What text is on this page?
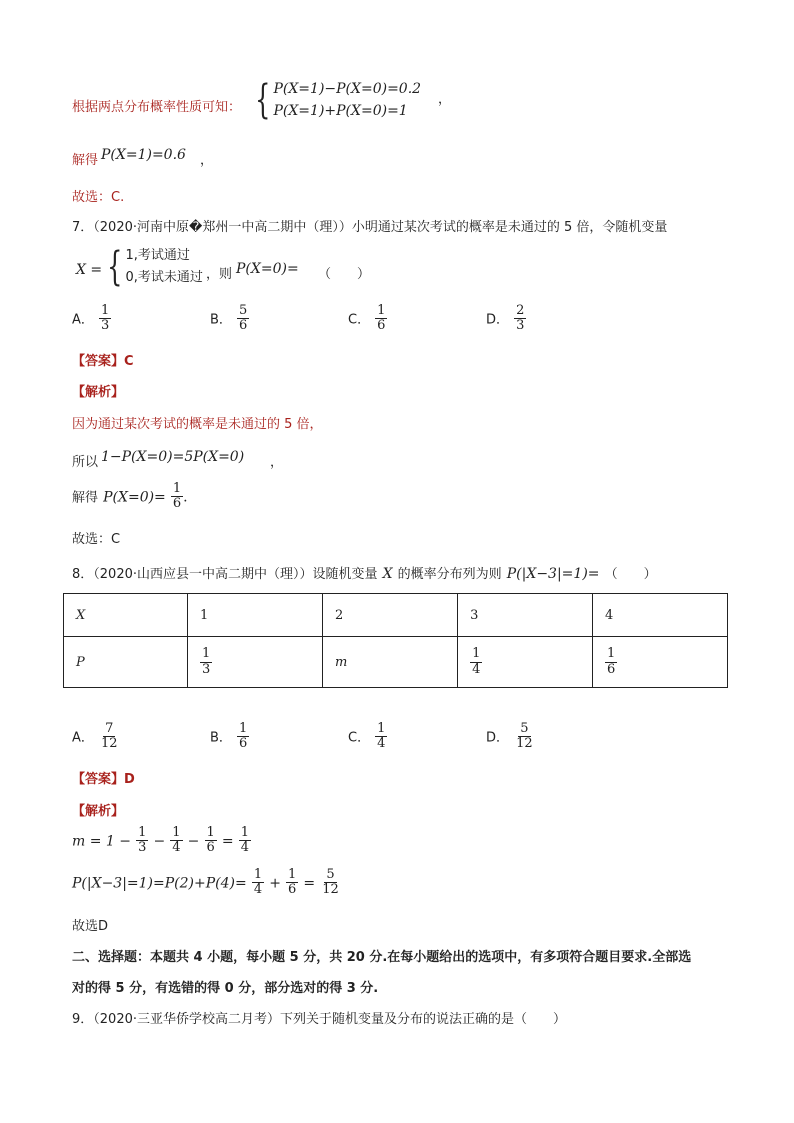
根据两点分布概率性质可知： { P(X=1)−P(X=0)=0.2
P(X=1)+P(X=0)=1
，
解得 P(X=1)=0.6 ，
故选：C.
7．（2020·河南中原�郑州一中高二期中（理））小明通过某次考试的概率是未通过的 5 倍，令随机变量
X = { 1,考试通过
0,考试未通过 ，则 P(X=0)= （　　）
A． $\frac{1}{3}$	B． $\frac{5}{6}$	C． $\frac{1}{6}$	D． $\frac{2}{3}$
【答案】C
【解析】
因为通过某次考试的概率是未通过的 5 倍，
所以 1−P(X=0)=5P(X=0) ，
解得 $P(X=0)= \frac{1}{6}$ .
故选：C
8．（2020·山西应县一中高二期中（理））设随机变量 X 的概率分布列为则 P(|X−3|=1)= （　　）
X	1	2	3	4
P	$\frac{1}{3}$	m	$\frac{1}{4}$	$\frac{1}{6}$
A． $\frac{7}{12}$	B． $\frac{1}{6}$	C． $\frac{1}{4}$	D． $\frac{5}{12}$
【答案】D
【解析】
$m = 1 - \frac{1}{3} - \frac{1}{4} - \frac{1}{6} = \frac{1}{4}$
$P(|X-3|=1)=P(2)+P(4)= \frac{1}{4} + \frac{1}{6} = \frac{5}{12}$
故选D
二、选择题：本题共 4 小题，每小题 5 分，共 20 分.在每小题给出的选项中，有多项符合题目要求.全部选
对的得 5 分，有选错的得 0 分，部分选对的得 3 分.
9．（2020·三亚华侨学校高二月考）下列关于随机变量及分布的说法正确的是（　　）
